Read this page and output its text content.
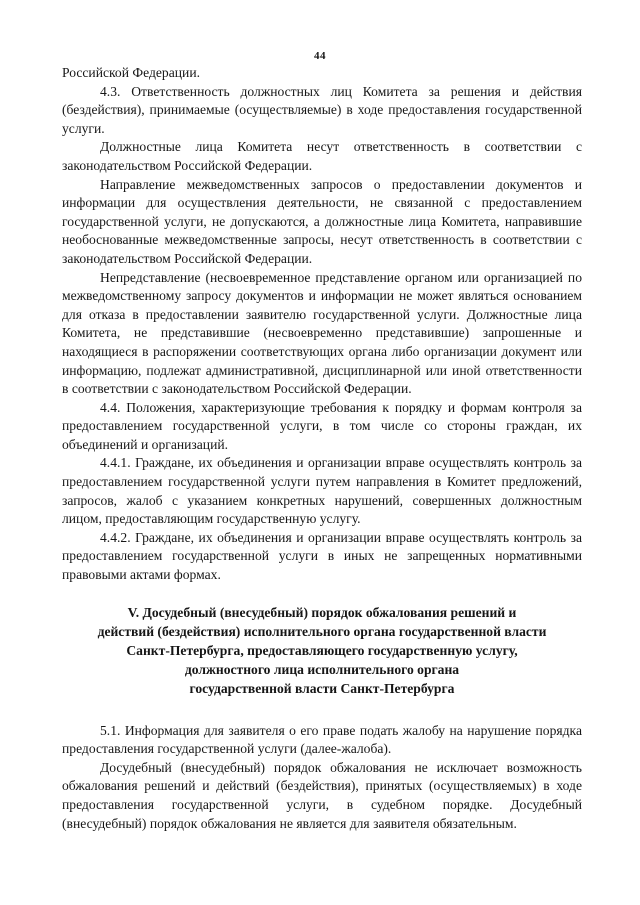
44

Российской Федерации.

4.3. Ответственность должностных лиц Комитета за решения и действия (бездействия), принимаемые (осуществляемые) в ходе предоставления государственной услуги.

Должностные лица Комитета несут ответственность в соответствии с законодательством Российской Федерации.

Направление межведомственных запросов о предоставлении документов и информации для осуществления деятельности, не связанной с предоставлением государственной услуги, не допускаются, а должностные лица Комитета, направившие необоснованные межведомственные запросы, несут ответственность в соответствии с законодательством Российской Федерации.

Непредставление (несвоевременное представление органом или организацией по межведомственному запросу документов и информации не может являться основанием для отказа в предоставлении заявителю государственной услуги. Должностные лица Комитета, не представившие (несвоевременно представившие) запрошенные и находящиеся в распоряжении соответствующих органа либо организации документ или информацию, подлежат административной, дисциплинарной или иной ответственности в соответствии с законодательством Российской Федерации.

4.4. Положения, характеризующие требования к порядку и формам контроля за предоставлением государственной услуги, в том числе со стороны граждан, их объединений и организаций.

4.4.1. Граждане, их объединения и организации вправе осуществлять контроль за предоставлением государственной услуги путем направления в Комитет предложений, запросов, жалоб с указанием конкретных нарушений, совершенных должностным лицом, предоставляющим государственную услугу.

4.4.2. Граждане, их объединения и организации вправе осуществлять контроль за предоставлением государственной услуги в иных не запрещенных нормативными правовыми актами формах.

V. Досудебный (внесудебный) порядок обжалования решений и
действий (бездействия) исполнительного органа государственной власти
Санкт-Петербурга, предоставляющего государственную услугу,
должностного лица исполнительного органа
государственной власти Санкт-Петербурга

5.1. Информация для заявителя о его праве подать жалобу на нарушение порядка предоставления государственной услуги (далее-жалоба).

Досудебный (внесудебный) порядок обжалования не исключает возможность обжалования решений и действий (бездействия), принятых (осуществляемых) в ходе предоставления государственной услуги, в судебном порядке. Досудебный (внесудебный) порядок обжалования не является для заявителя обязательным.
